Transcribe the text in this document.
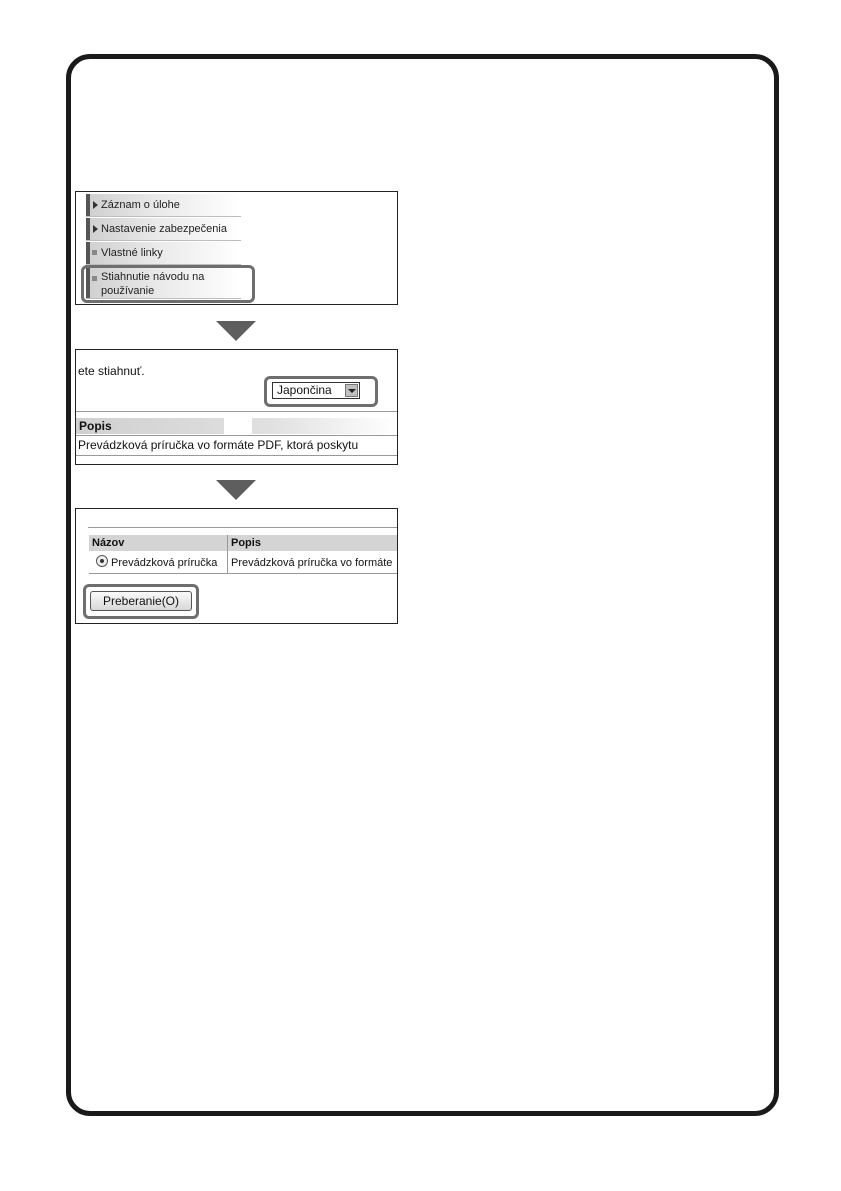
Záznam o úlohe
Nastavenie zabezpečenia
Vlastné linky
Stiahnutie návodu na používanie
ete stiahnuť.
Japončina
Popis
Prevádzková príručka vo formáte PDF, ktorá poskytu
Názov	Popis
Prevádzková príručka	Prevádzková príručka vo formáte
Preberanie(O)
